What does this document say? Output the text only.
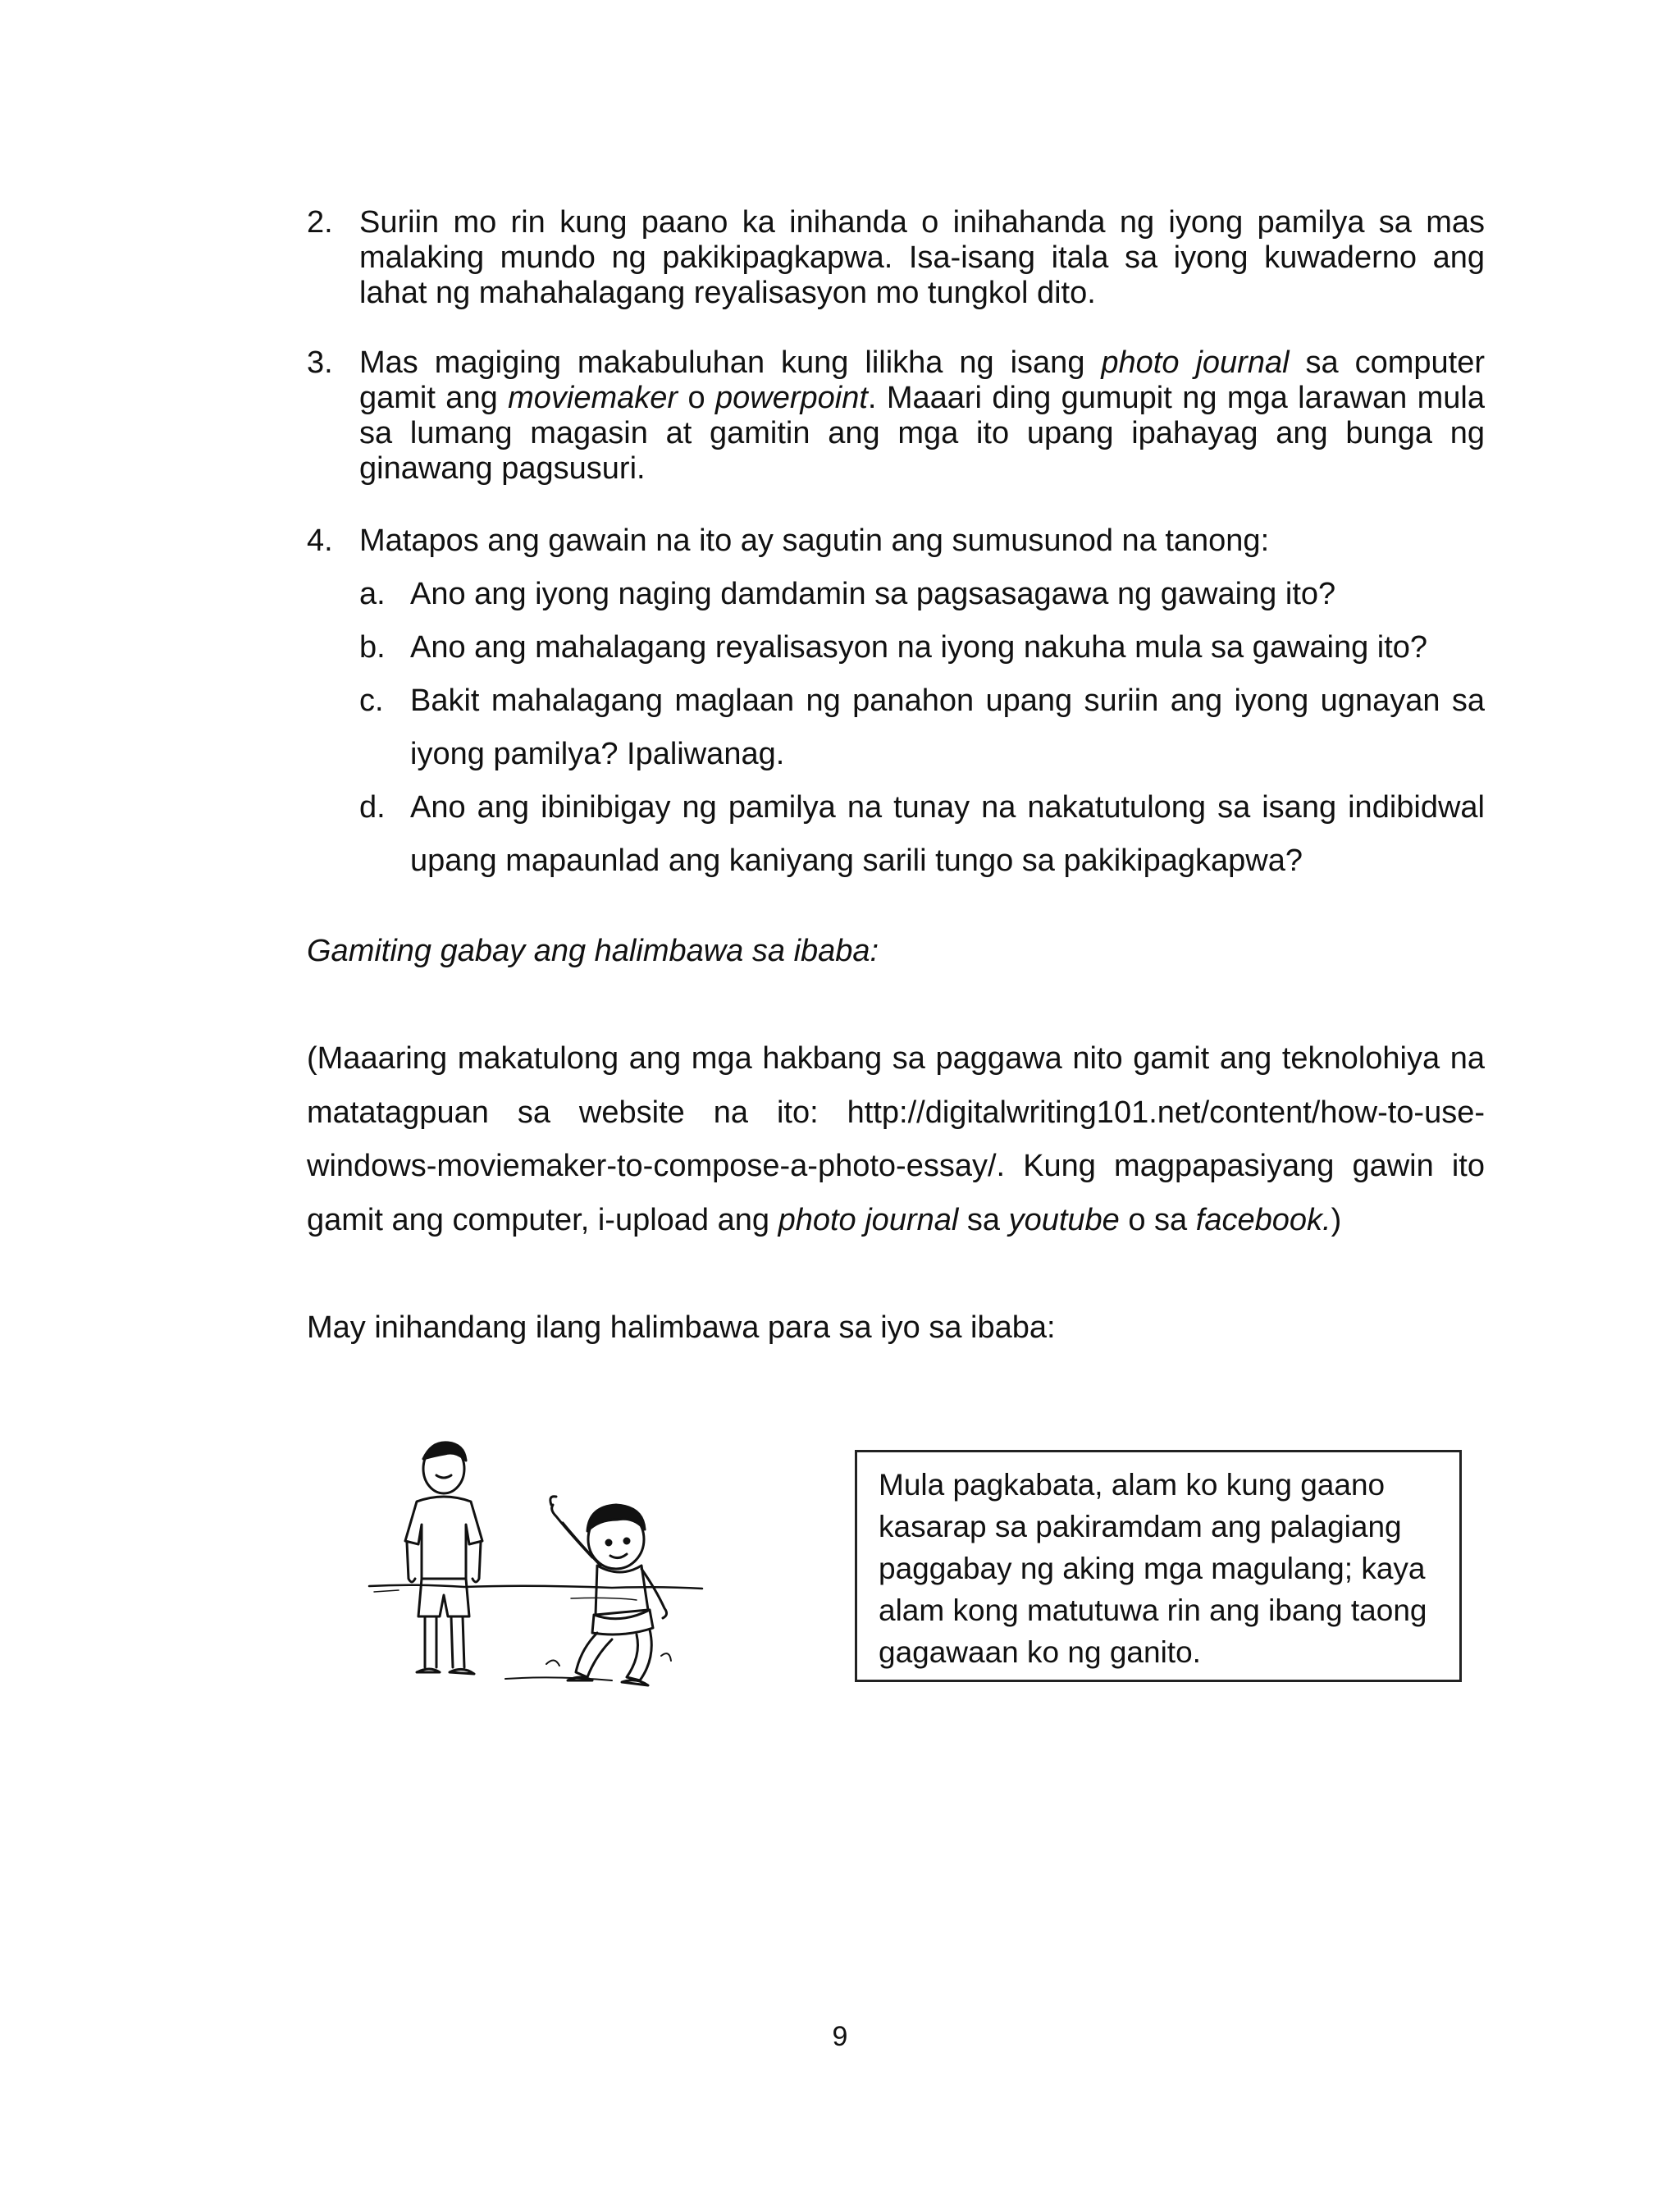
2. Suriin mo rin kung paano ka inihanda o inihahanda ng iyong pamilya sa mas malaking mundo ng pakikipagkapwa. Isa-isang itala sa iyong kuwaderno ang lahat ng mahahalagang reyalisasyon mo tungkol dito.
3. Mas magiging makabuluhan kung lilikha ng isang photo journal sa computer gamit ang moviemaker o powerpoint. Maaari ding gumupit ng mga larawan mula sa lumang magasin at gamitin ang mga ito upang ipahayag ang bunga ng ginawang pagsusuri.
4. Matapos ang gawain na ito ay sagutin ang sumusunod na tanong:
a. Ano ang iyong naging damdamin sa pagsasagawa ng gawaing ito?
b. Ano ang mahalagang reyalisasyon na iyong nakuha mula sa gawaing ito?
c. Bakit mahalagang maglaan ng panahon upang suriin ang iyong ugnayan sa iyong pamilya? Ipaliwanag.
d. Ano ang ibinibigay ng pamilya na tunay na nakatutulong sa isang indibidwal upang mapaunlad ang kaniyang sarili tungo sa pakikipagkapwa?
Gamiting gabay ang halimbawa sa ibaba:
(Maaaring makatulong ang mga hakbang sa paggawa nito gamit ang teknolohiya na matatagpuan sa website na ito: http://digitalwriting101.net/content/how-to-use-windows-moviemaker-to-compose-a-photo-essay/. Kung magpapasiyang gawin ito gamit ang computer, i-upload ang photo journal sa youtube o sa facebook.)
May inihandang ilang halimbawa para sa iyo sa ibaba:
Mula pagkabata, alam ko kung gaano kasarap sa pakiramdam ang palagiang paggabay ng aking mga magulang; kaya alam kong matutuwa rin ang ibang taong gagawaan ko ng ganito.
9
